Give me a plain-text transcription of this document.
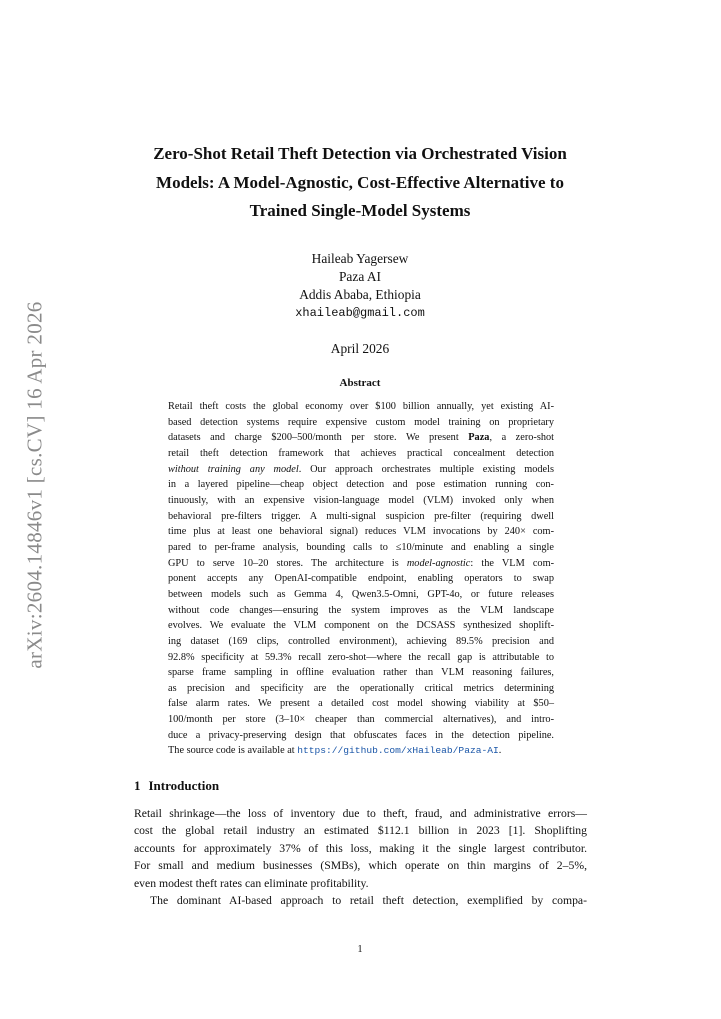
arXiv:2604.14846v1 [cs.CV] 16 Apr 2026
Zero-Shot Retail Theft Detection via Orchestrated Vision
Models: A Model-Agnostic, Cost-Effective Alternative to
Trained Single-Model Systems
Haileab Yagersew
Paza AI
Addis Ababa, Ethiopia
xhaileab@gmail.com
April 2026
Abstract
Retail theft costs the global economy over $100 billion annually, yet existing AI-
based detection systems require expensive custom model training on proprietary
datasets and charge $200–500/month per store. We present Paza, a zero-shot
retail theft detection framework that achieves practical concealment detection
without training any model. Our approach orchestrates multiple existing models
in a layered pipeline—cheap object detection and pose estimation running con-
tinuously, with an expensive vision-language model (VLM) invoked only when
behavioral pre-filters trigger. A multi-signal suspicion pre-filter (requiring dwell
time plus at least one behavioral signal) reduces VLM invocations by 240× com-
pared to per-frame analysis, bounding calls to ≤10/minute and enabling a single
GPU to serve 10–20 stores. The architecture is model-agnostic: the VLM com-
ponent accepts any OpenAI-compatible endpoint, enabling operators to swap
between models such as Gemma 4, Qwen3.5-Omni, GPT-4o, or future releases
without code changes—ensuring the system improves as the VLM landscape
evolves. We evaluate the VLM component on the DCSASS synthesized shoplift-
ing dataset (169 clips, controlled environment), achieving 89.5% precision and
92.8% specificity at 59.3% recall zero-shot—where the recall gap is attributable to
sparse frame sampling in offline evaluation rather than VLM reasoning failures,
as precision and specificity are the operationally critical metrics determining
false alarm rates. We present a detailed cost model showing viability at $50–
100/month per store (3–10× cheaper than commercial alternatives), and intro-
duce a privacy-preserving design that obfuscates faces in the detection pipeline.
The source code is available at https://github.com/xHaileab/Paza-AI.
1 Introduction
Retail shrinkage—the loss of inventory due to theft, fraud, and administrative errors—
cost the global retail industry an estimated $112.1 billion in 2023 [1]. Shoplifting
accounts for approximately 37% of this loss, making it the single largest contributor.
For small and medium businesses (SMBs), which operate on thin margins of 2–5%,
even modest theft rates can eliminate profitability.
The dominant AI-based approach to retail theft detection, exemplified by compa-
1
